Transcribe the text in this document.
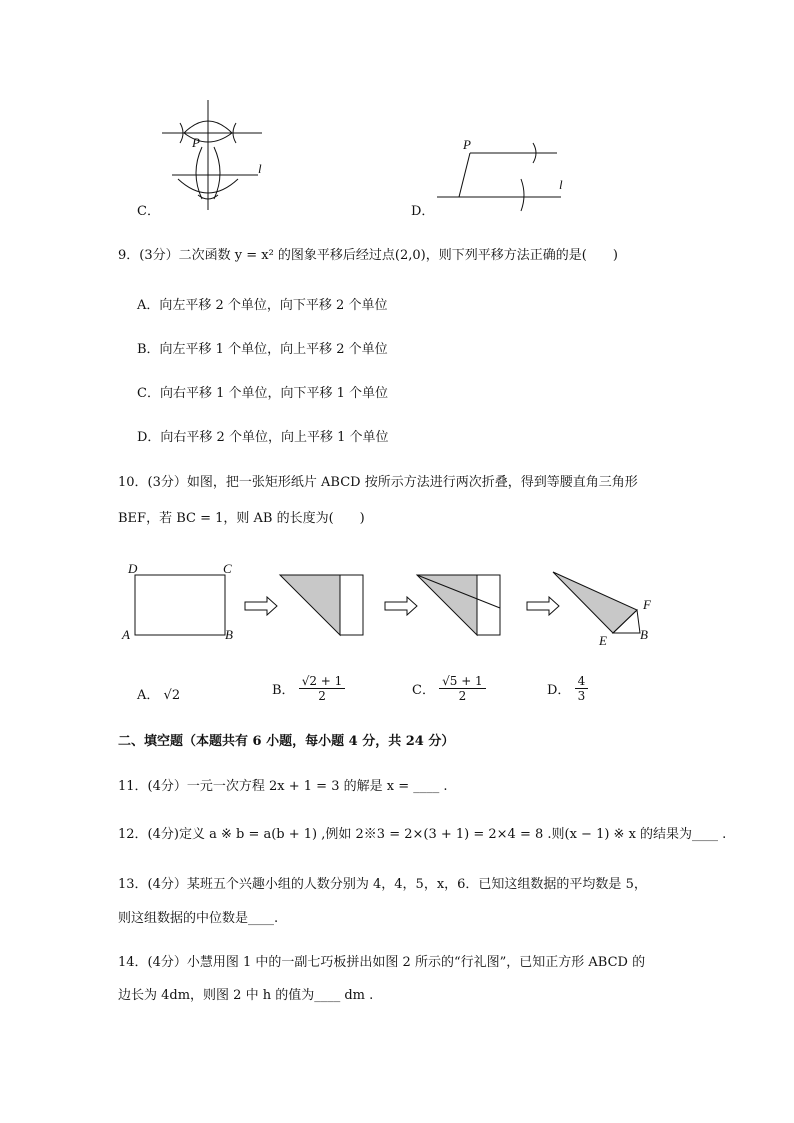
P
l
C．
P
l
D．
9．(3分）二次函数 y = x² 的图象平移后经过点(2,0)，则下列平移方法正确的是(　　)
A．向左平移 2 个单位，向下平移 2 个单位
B．向左平移 1 个单位，向上平移 2 个单位
C．向右平移 1 个单位，向下平移 1 个单位
D．向右平移 2 个单位，向上平移 1 个单位
10．(3分）如图，把一张矩形纸片 ABCD 按所示方法进行两次折叠，得到等腰直角三角形
BEF，若 BC = 1，则 AB 的长度为(　　)
D	C
A	B
F
E	B
A． √2	B． $\frac{√2 + 1}{2}$	C． $\frac{√5 + 1}{2}$	D． $\frac{4}{3}$
二、填空题（本题共有 6 小题，每小题 4 分，共 24 分）
11．(4分）一元一次方程 2x + 1 = 3 的解是 x = ____ .
12．(4分)定义 a ※ b = a(b + 1) ,例如 2※3 = 2×(3 + 1) = 2×4 = 8 .则(x − 1) ※ x 的结果为____ .
13．(4分）某班五个兴趣小组的人数分别为 4，4，5，x，6．已知这组数据的平均数是 5，
则这组数据的中位数是____.
14．(4分）小慧用图 1 中的一副七巧板拼出如图 2 所示的“行礼图”，已知正方形 ABCD 的
边长为 4dm，则图 2 中 h 的值为____ dm .
